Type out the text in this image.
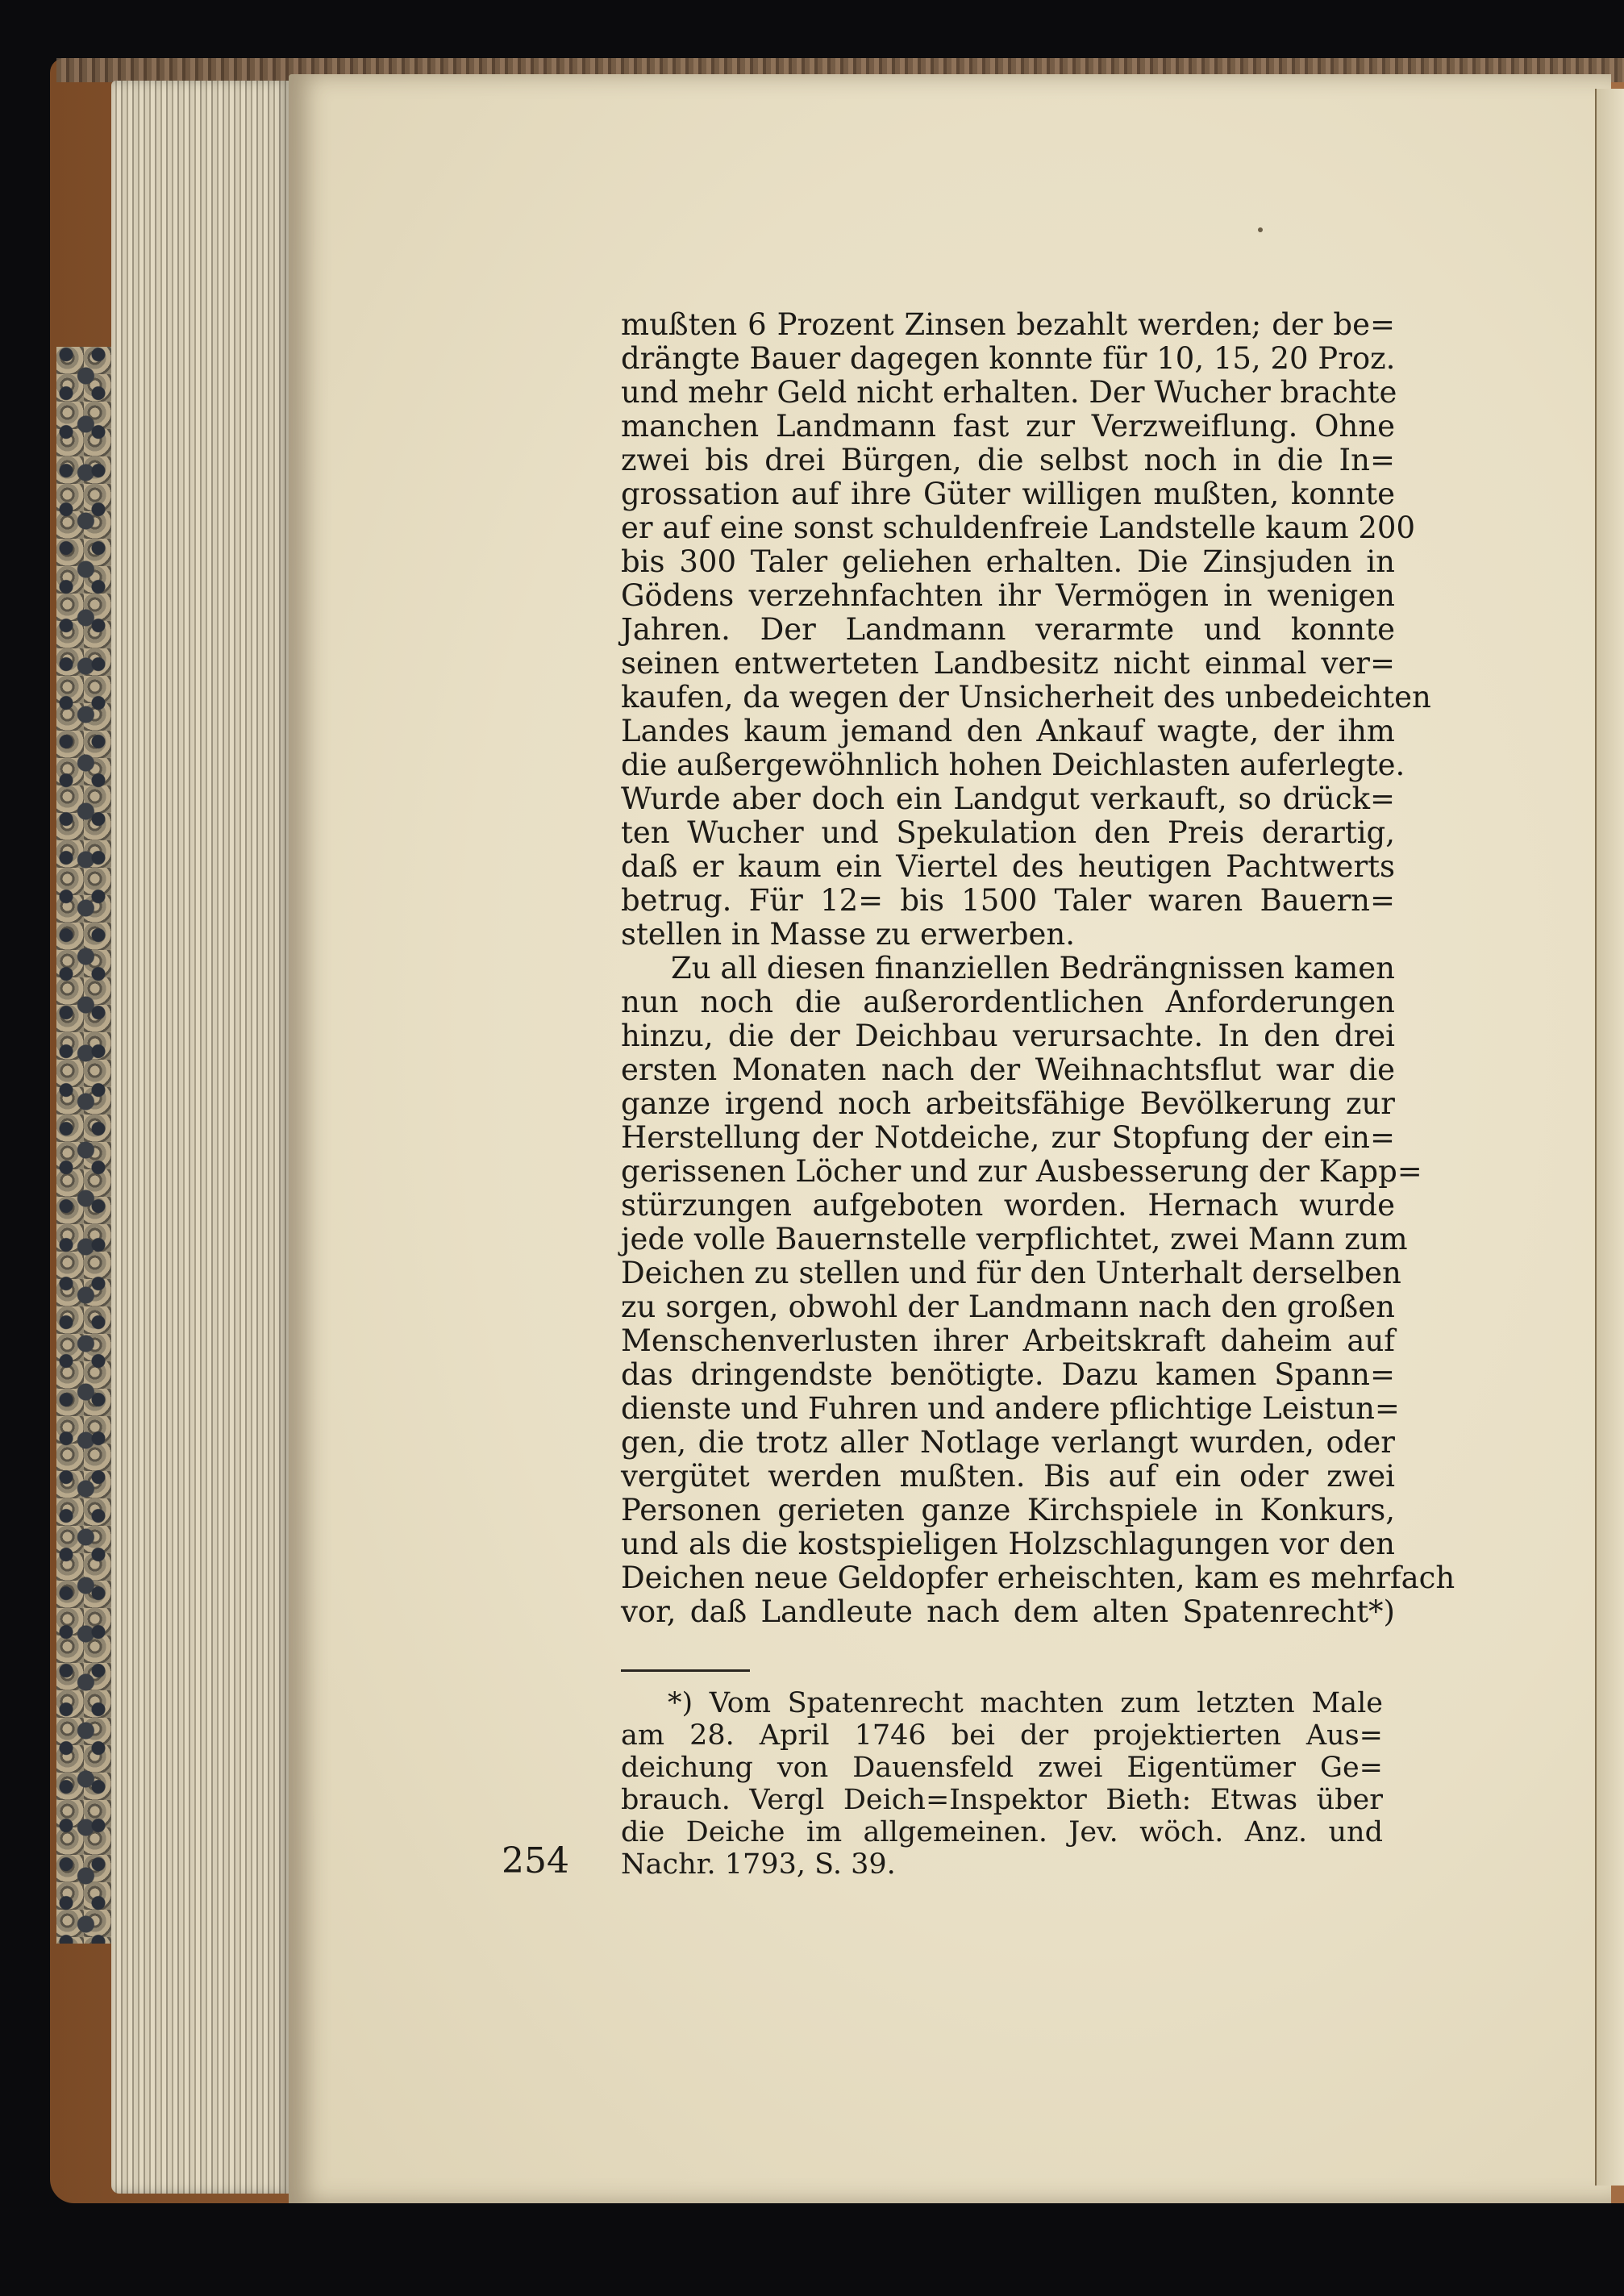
mußten 6 Prozent Zinsen bezahlt werden; der be=
drängte Bauer dagegen konnte für 10, 15, 20 Proz.
und mehr Geld nicht erhalten. Der Wucher brachte
manchen Landmann fast zur Verzweiflung. Ohne
zwei bis drei Bürgen, die selbst noch in die In=
grossation auf ihre Güter willigen mußten, konnte
er auf eine sonst schuldenfreie Landstelle kaum 200
bis 300 Taler geliehen erhalten. Die Zinsjuden in
Gödens verzehnfachten ihr Vermögen in wenigen
Jahren. Der Landmann verarmte und konnte
seinen entwerteten Landbesitz nicht einmal ver=
kaufen, da wegen der Unsicherheit des unbedeichten
Landes kaum jemand den Ankauf wagte, der ihm
die außergewöhnlich hohen Deichlasten auferlegte.
Wurde aber doch ein Landgut verkauft, so drück=
ten Wucher und Spekulation den Preis derartig,
daß er kaum ein Viertel des heutigen Pachtwerts
betrug. Für 12= bis 1500 Taler waren Bauern=
stellen in Masse zu erwerben.
Zu all diesen finanziellen Bedrängnissen kamen
nun noch die außerordentlichen Anforderungen
hinzu, die der Deichbau verursachte. In den drei
ersten Monaten nach der Weihnachtsflut war die
ganze irgend noch arbeitsfähige Bevölkerung zur
Herstellung der Notdeiche, zur Stopfung der ein=
gerissenen Löcher und zur Ausbesserung der Kapp=
stürzungen aufgeboten worden. Hernach wurde
jede volle Bauernstelle verpflichtet, zwei Mann zum
Deichen zu stellen und für den Unterhalt derselben
zu sorgen, obwohl der Landmann nach den großen
Menschenverlusten ihrer Arbeitskraft daheim auf
das dringendste benötigte. Dazu kamen Spann=
dienste und Fuhren und andere pflichtige Leistun=
gen, die trotz aller Notlage verlangt wurden, oder
vergütet werden mußten. Bis auf ein oder zwei
Personen gerieten ganze Kirchspiele in Konkurs,
und als die kostspieligen Holzschlagungen vor den
Deichen neue Geldopfer erheischten, kam es mehrfach
vor, daß Landleute nach dem alten Spatenrecht*)
*) Vom Spatenrecht machten zum letzten Male
am 28. April 1746 bei der projektierten Aus=
deichung von Dauensfeld zwei Eigentümer Ge=
brauch. Vergl Deich=Inspektor Bieth: Etwas über
die Deiche im allgemeinen. Jev. wöch. Anz. und
Nachr. 1793, S. 39.
254
